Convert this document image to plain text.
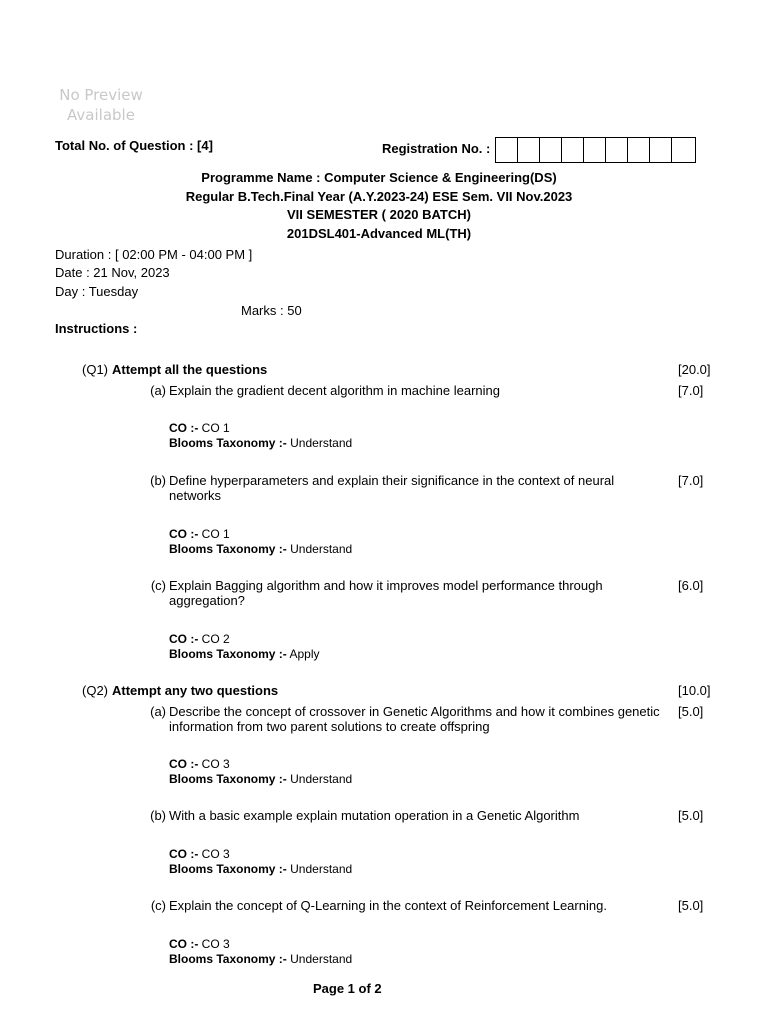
No Preview
Available
Total No. of Question : [4]	Registration No. :
Programme Name : Computer Science & Engineering(DS)
Regular B.Tech.Final Year (A.Y.2023-24) ESE Sem. VII Nov.2023
VII SEMESTER ( 2020 BATCH)
201DSL401-Advanced ML(TH)
Duration : [ 02:00 PM - 04:00 PM ]
Date : 21 Nov, 2023
Day : Tuesday
Marks : 50
Instructions :
(Q1) Attempt all the questions	[20.0]
(a) Explain the gradient decent algorithm in machine learning	[7.0]
CO :- CO 1
Blooms Taxonomy :- Understand
(b) Define hyperparameters and explain their significance in the context of neural networks
[7.0]
CO :- CO 1
Blooms Taxonomy :- Understand
(c) Explain Bagging algorithm and how it improves model performance through aggregation?
[6.0]
CO :- CO 2
Blooms Taxonomy :- Apply
(Q2) Attempt any two questions	[10.0]
(a) Describe the concept of crossover in Genetic Algorithms and how it combines genetic information from two parent solutions to create offspring
[5.0]
CO :- CO 3
Blooms Taxonomy :- Understand
(b) With a basic example explain mutation operation in a Genetic Algorithm	[5.0]
CO :- CO 3
Blooms Taxonomy :- Understand
(c) Explain the concept of Q-Learning in the context of Reinforcement Learning.	[5.0]
CO :- CO 3
Blooms Taxonomy :- Understand
Page 1 of 2
